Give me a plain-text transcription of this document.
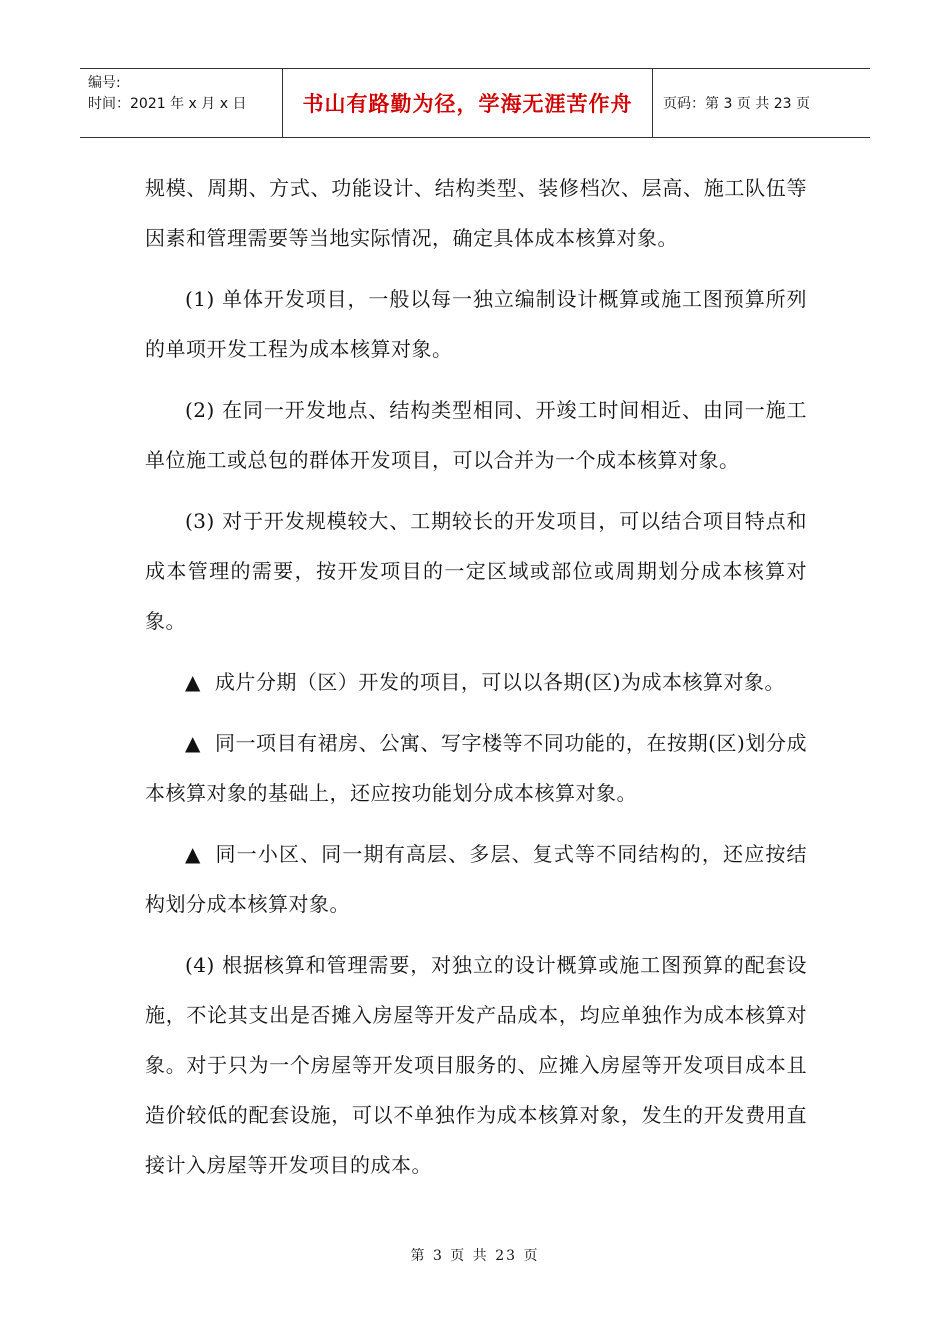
编号:
时间：2021 年 x 月 x 日	书山有路勤为径，学海无涯苦作舟 页码：第 3 页 共 23 页

规模、周期、方式、功能设计、结构类型、装修档次、层高、施工队伍等因素和管理需要等当地实际情况，确定具体成本核算对象。

(1) 单体开发项目，一般以每一独立编制设计概算或施工图预算所列的单项开发工程为成本核算对象。

(2) 在同一开发地点、结构类型相同、开竣工时间相近、由同一施工单位施工或总包的群体开发项目，可以合并为一个成本核算对象。

(3) 对于开发规模较大、工期较长的开发项目，可以结合项目特点和成本管理的需要，按开发项目的一定区域或部位或周期划分成本核算对象。

▲ 成片分期（区）开发的项目，可以以各期(区)为成本核算对象。

▲ 同一项目有裙房、公寓、写字楼等不同功能的，在按期(区)划分成本核算对象的基础上，还应按功能划分成本核算对象。

▲ 同一小区、同一期有高层、多层、复式等不同结构的，还应按结构划分成本核算对象。

(4) 根据核算和管理需要，对独立的设计概算或施工图预算的配套设施，不论其支出是否摊入房屋等开发产品成本，均应单独作为成本核算对象。对于只为一个房屋等开发项目服务的、应摊入房屋等开发项目成本且造价较低的配套设施，可以不单独作为成本核算对象，发生的开发费用直接计入房屋等开发项目的成本。

第 3 页 共 23 页
